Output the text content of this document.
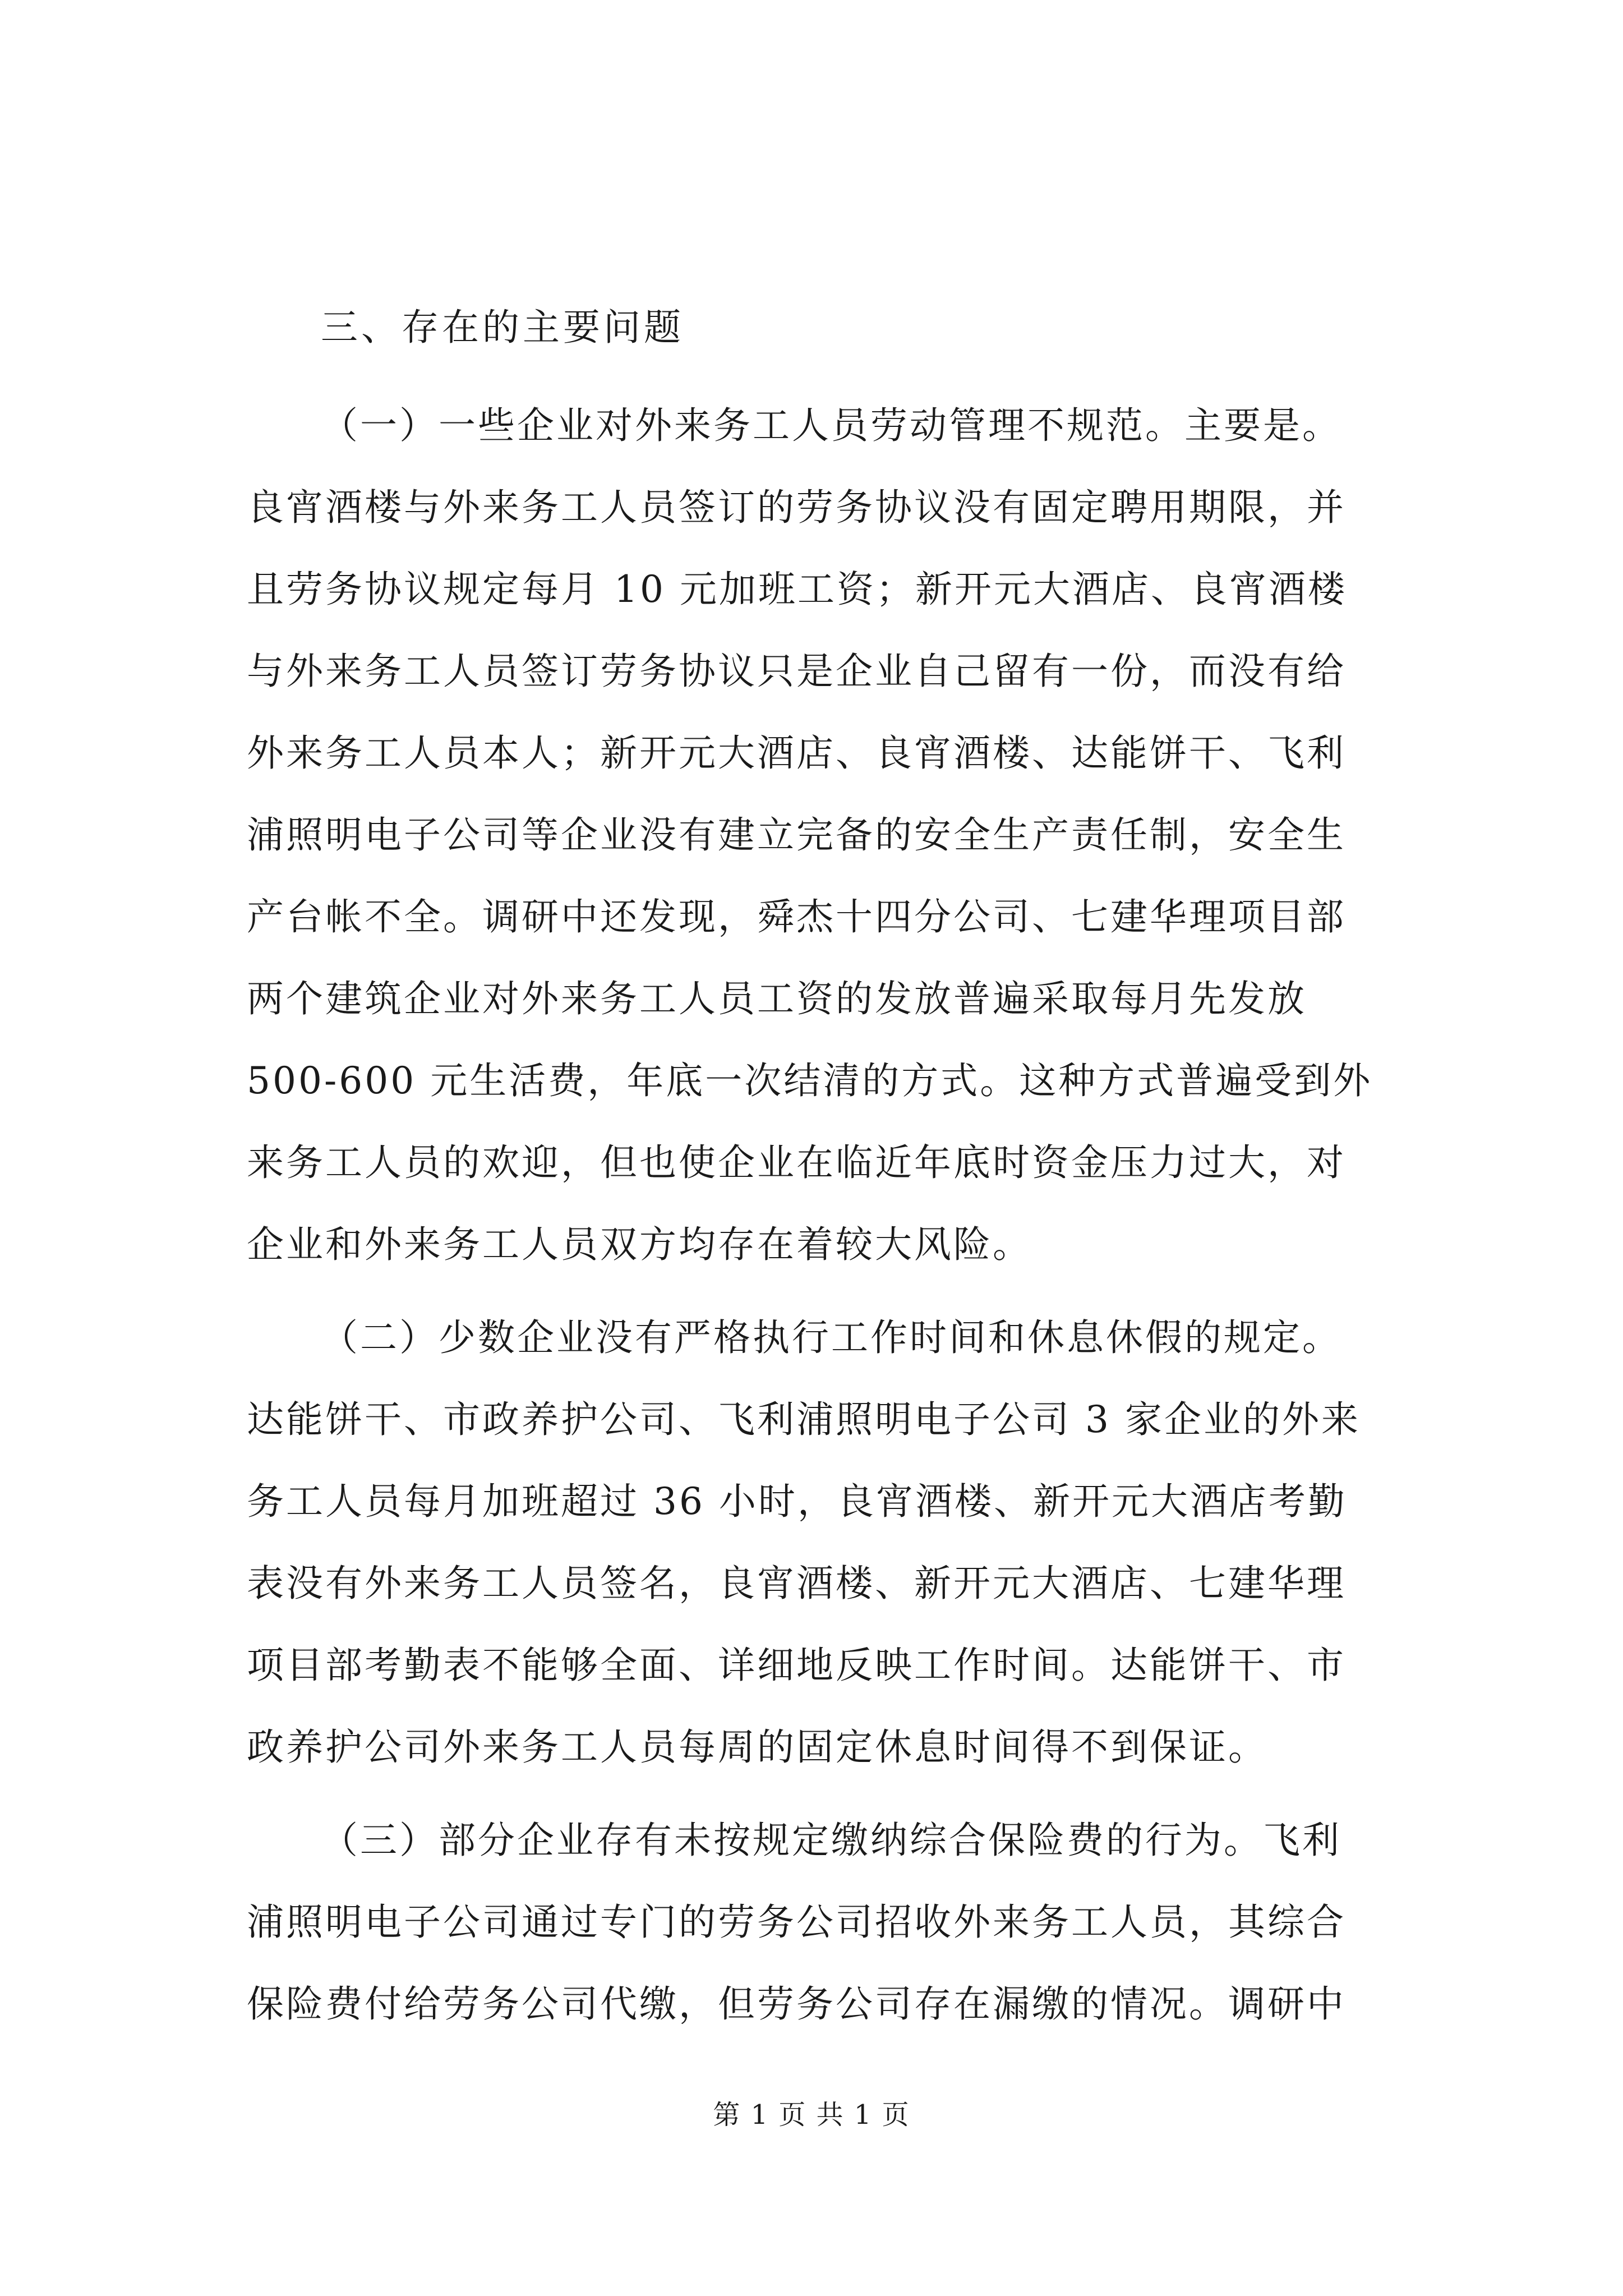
三、存在的主要问题
（一）一些企业对外来务工人员劳动管理不规范。主要是。
良宵酒楼与外来务工人员签订的劳务协议没有固定聘用期限，并
且劳务协议规定每月 10 元加班工资；新开元大酒店、良宵酒楼
与外来务工人员签订劳务协议只是企业自己留有一份，而没有给
外来务工人员本人；新开元大酒店、良宵酒楼、达能饼干、飞利
浦照明电子公司等企业没有建立完备的安全生产责任制，安全生
产台帐不全。调研中还发现，舜杰十四分公司、七建华理项目部
两个建筑企业对外来务工人员工资的发放普遍采取每月先发放
500-600 元生活费，年底一次结清的方式。这种方式普遍受到外
来务工人员的欢迎，但也使企业在临近年底时资金压力过大，对
企业和外来务工人员双方均存在着较大风险。
（二）少数企业没有严格执行工作时间和休息休假的规定。
达能饼干、市政养护公司、飞利浦照明电子公司 3 家企业的外来
务工人员每月加班超过 36 小时，良宵酒楼、新开元大酒店考勤
表没有外来务工人员签名，良宵酒楼、新开元大酒店、七建华理
项目部考勤表不能够全面、详细地反映工作时间。达能饼干、市
政养护公司外来务工人员每周的固定休息时间得不到保证。
（三）部分企业存有未按规定缴纳综合保险费的行为。飞利
浦照明电子公司通过专门的劳务公司招收外来务工人员，其综合
保险费付给劳务公司代缴，但劳务公司存在漏缴的情况。调研中
第 1 页 共 1 页
